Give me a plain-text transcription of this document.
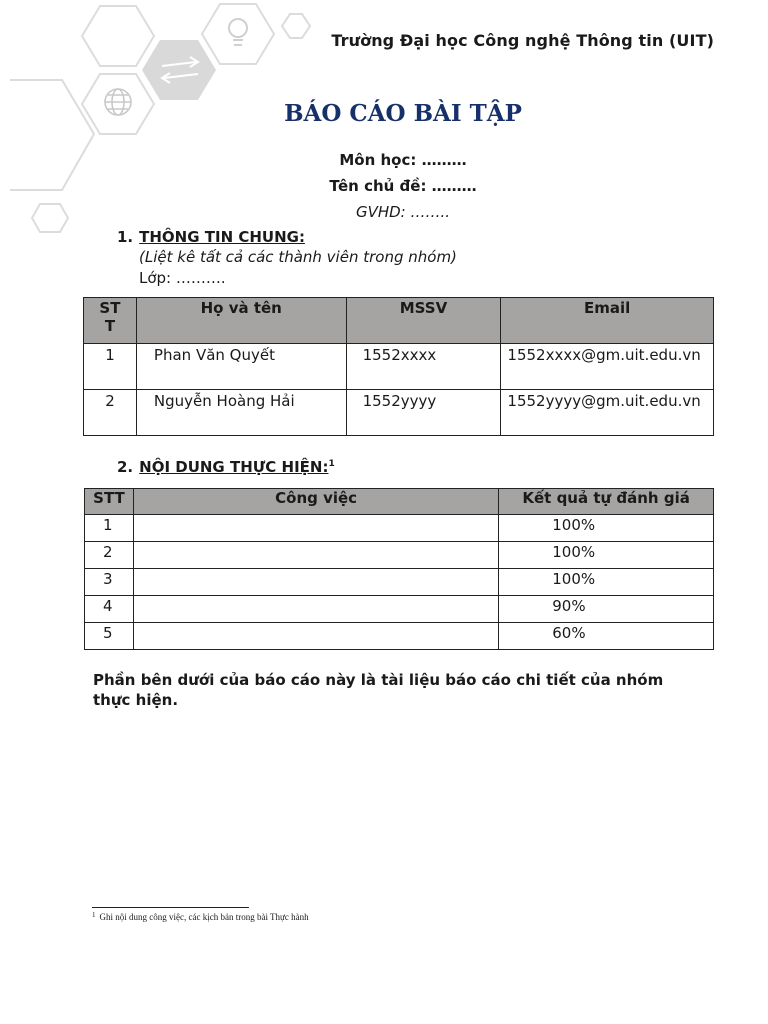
Trường Đại học Công nghệ Thông tin (UIT)
BÁO CÁO BÀI TẬP
Môn học: ………
Tên chủ đề: ………
GVHD: ……..
1. THÔNG TIN CHUNG:
(Liệt kê tất cả các thành viên trong nhóm)
Lớp: ……….
ST T	Họ và tên	MSSV	Email
1	Phan Văn Quyết	1552xxxx	1552xxxx@gm.uit.edu.vn
2	Nguyễn Hoàng Hải	1552yyyy	1552yyyy@gm.uit.edu.vn
2. NỘI DUNG THỰC HIỆN:$^1$
STT	Công việc	Kết quả tự đánh giá
1		100%
2		100%
3		100%
4		90%
5		60%
Phần bên dưới của báo cáo này là tài liệu báo cáo chi tiết của nhóm thực hiện.
$^1$ Ghi nội dung công việc, các kịch bản trong bài Thực hành
